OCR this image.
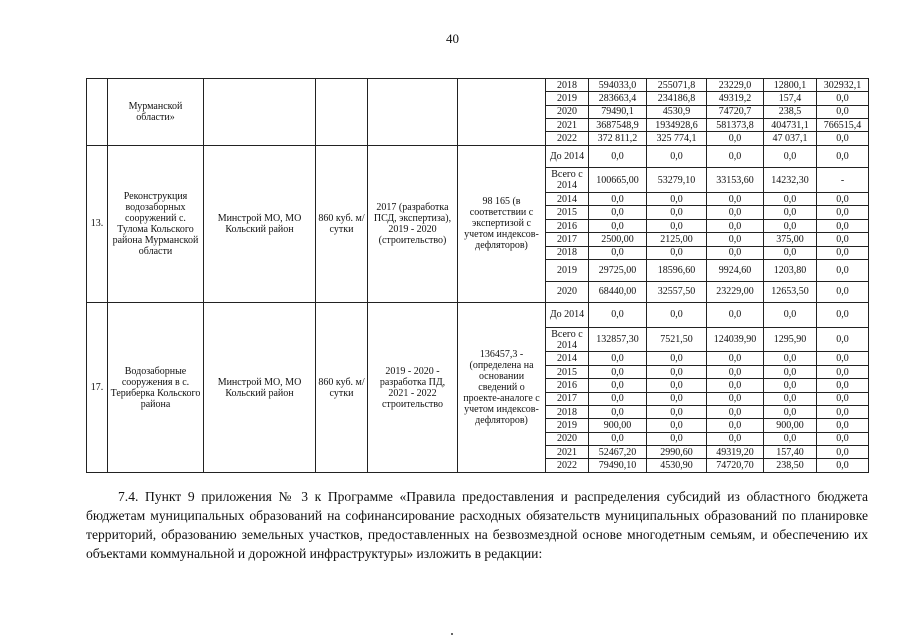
40
	Мурманской области»					2018	594033,0	255071,8	23229,0	12800,1	302932,1
						2019	283663,4	234186,8	49319,2	157,4	0,0
						2020	79490,1	4530,9	74720,7	238,5	0,0
						2021	3687548,9	1934928,6	581373,8	404731,1	766515,4
						2022	372 811,2	325 774,1	0,0	47 037,1	0,0
13.	Реконструкция водозаборных сооружений с. Тулома Кольского района Мурманской области	Минстрой МО, МО Кольский район	860 куб. м/сутки	2017 (разработка ПСД, экспертиза), 2019 - 2020 (строительство)	98 165 (в соответствии с экспертизой с учетом индексов-дефляторов)	До 2014	0,0	0,0	0,0	0,0	0,0
						Всего с 2014	100665,00	53279,10	33153,60	14232,30	-
						2014	0,0	0,0	0,0	0,0	0,0
						2015	0,0	0,0	0,0	0,0	0,0
						2016	0,0	0,0	0,0	0,0	0,0
						2017	2500,00	2125,00	0,0	375,00	0,0
						2018	0,0	0,0	0,0	0,0	0,0
						2019	29725,00	18596,60	9924,60	1203,80	0,0
						2020	68440,00	32557,50	23229,00	12653,50	0,0
17.	Водозаборные сооружения в с. Териберка Кольского района	Минстрой МО, МО Кольский район	860 куб. м/сутки	2019 - 2020 - разработка ПД, 2021 - 2022 строительство	136457,3 - (определена на основании сведений о проекте-аналоге с учетом индексов-дефляторов)	До 2014	0,0	0,0	0,0	0,0	0,0
						Всего с 2014	132857,30	7521,50	124039,90	1295,90	0,0
						2014	0,0	0,0	0,0	0,0	0,0
						2015	0,0	0,0	0,0	0,0	0,0
						2016	0,0	0,0	0,0	0,0	0,0
						2017	0,0	0,0	0,0	0,0	0,0
						2018	0,0	0,0	0,0	0,0	0,0
						2019	900,00	0,0	0,0	900,00	0,0
						2020	0,0	0,0	0,0	0,0	0,0
						2021	52467,20	2990,60	49319,20	157,40	0,0
						2022	79490,10	4530,90	74720,70	238,50	0,0

7.4. Пункт 9 приложения № 3 к Программе «Правила предоставления и распределения субсидий из областного бюджета бюджетам муниципальных образований на софинансирование расходных обязательств муниципальных образований по планировке территорий, образованию земельных участков, предоставленных на безвозмездной основе многодетным семьям, и обеспечению их объектами коммунальной и дорожной инфраструктуры» изложить в редакции:
